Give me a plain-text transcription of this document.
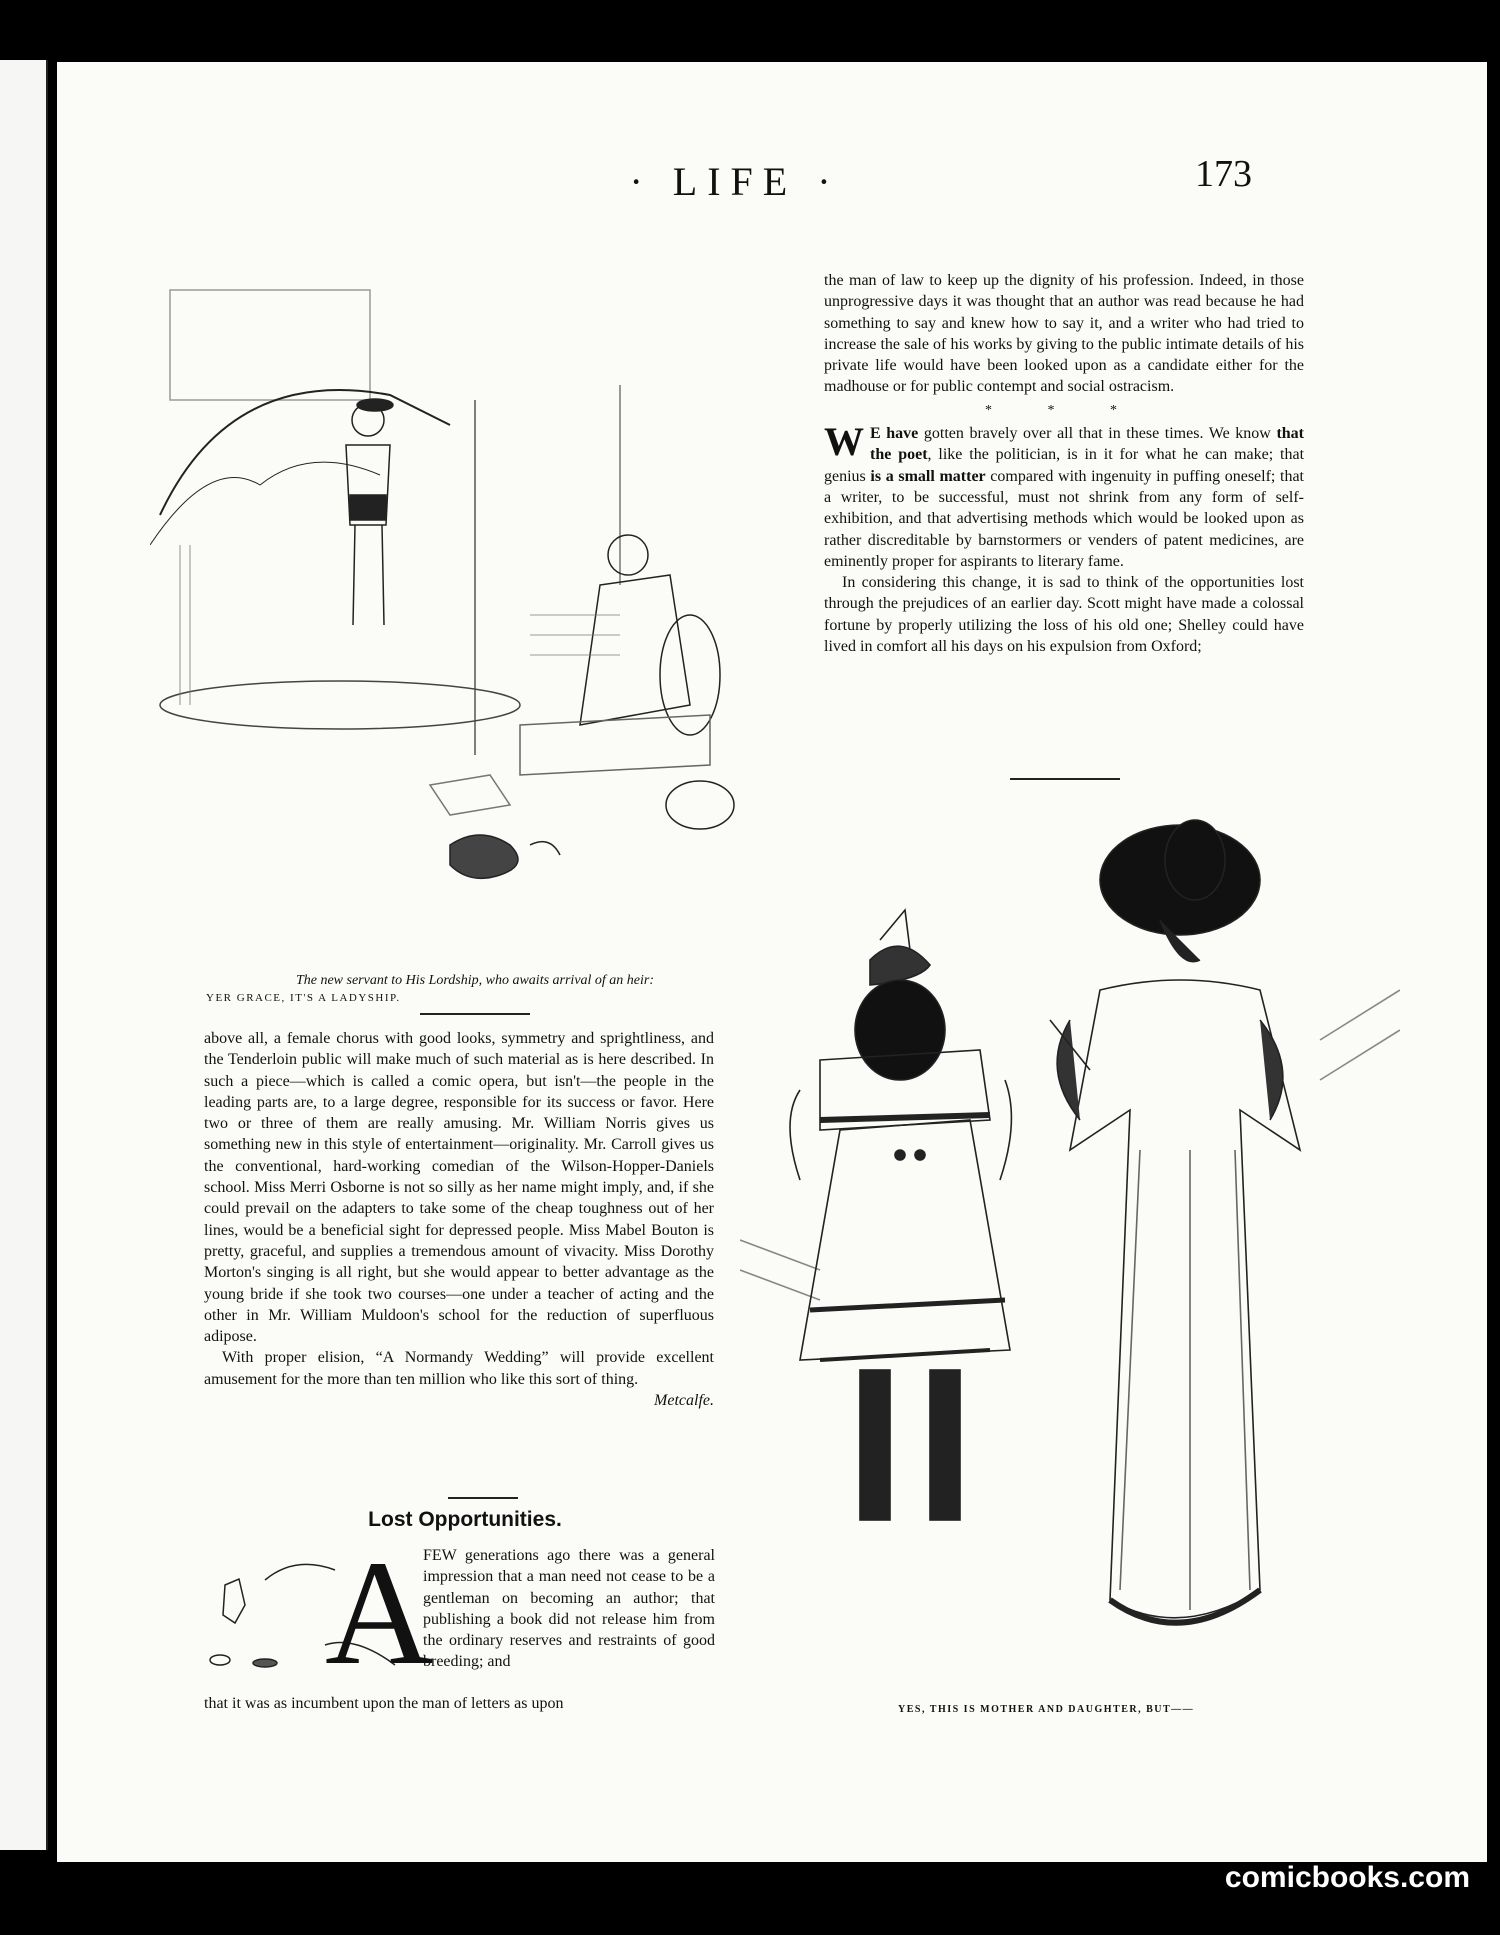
· LIFE ·	173

the man of law to keep up the dignity of his profession. Indeed, in those unprogressive days it was thought that an author was read because he had something to say and knew how to say it, and a writer who had tried to increase the sale of his works by giving to the public intimate details of his private life would have been looked upon as a candidate either for the madhouse or for public contempt and social ostracism.

* * *

W E have gotten bravely over all that in these times. We know that the poet, like the politician, is in it for what he can make; that genius is a small matter compared with ingenuity in puffing oneself; that a writer, to be successful, must not shrink from any form of self-exhibition, and that advertising methods which would be looked upon as rather discreditable by barnstormers or venders of patent medicines, are eminently proper for aspirants to literary fame.

In considering this change, it is sad to think of the opportunities lost through the prejudices of an earlier day. Scott might have made a colossal fortune by properly utilizing the loss of his old one; Shelley could have lived in comfort all his days on his expulsion from Oxford;

The new servant to His Lordship, who awaits arrival of an heir:
YER GRACE, IT'S A LADYSHIP.

above all, a female chorus with good looks, symmetry and sprightliness, and the Tenderloin public will make much of such material as is here described. In such a piece—which is called a comic opera, but isn't—the people in the leading parts are, to a large degree, responsible for its success or favor. Here two or three of them are really amusing. Mr. William Norris gives us something new in this style of entertainment—originality. Mr. Carroll gives us the conventional, hard-working comedian of the Wilson-Hopper-Daniels school. Miss Merri Osborne is not so silly as her name might imply, and, if she could prevail on the adapters to take some of the cheap toughness out of her lines, would be a beneficial sight for depressed people. Miss Mabel Bouton is pretty, graceful, and supplies a tremendous amount of vivacity. Miss Dorothy Morton's singing is all right, but she would appear to better advantage as the young bride if she took two courses—one under a teacher of acting and the other in Mr. William Muldoon's school for the reduction of superfluous adipose.

With proper elision, “A Normandy Wedding” will provide excellent amusement for the more than ten million who like this sort of thing.
Metcalfe.

Lost Opportunities.
A

FEW generations ago there was a general impression that a man need not cease to be a gentleman on becoming an author; that publishing a book did not release him from the ordinary reserves and restraints of good breeding; and

that it was as incumbent upon the man of letters as upon	YES, THIS IS MOTHER AND DAUGHTER, BUT——
comicbooks.com
